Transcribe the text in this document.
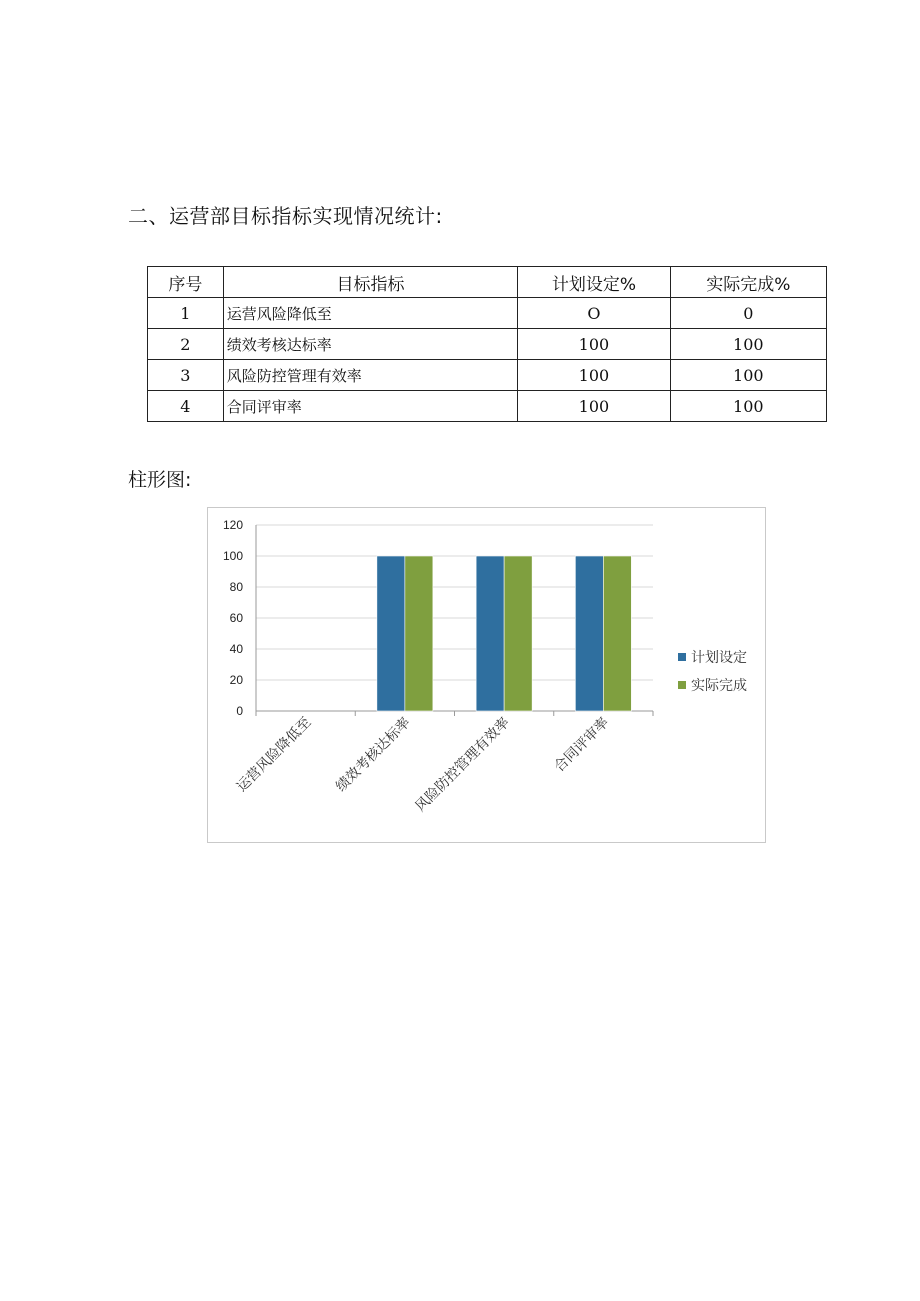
二、运营部目标指标实现情况统计:
序号	目标指标	计划设定%	实际完成%
1	运营风险降低至	O	0
2	绩效考核达标率	100	100
3	风险防控管理有效率	100	100
4	合同评审率	100	100
柱形图:
0
20
40
60
80
100
120
运营风险降低至 绩效考核达标率
风险防控管理有效率	合同评审率
计划设定
实际完成
